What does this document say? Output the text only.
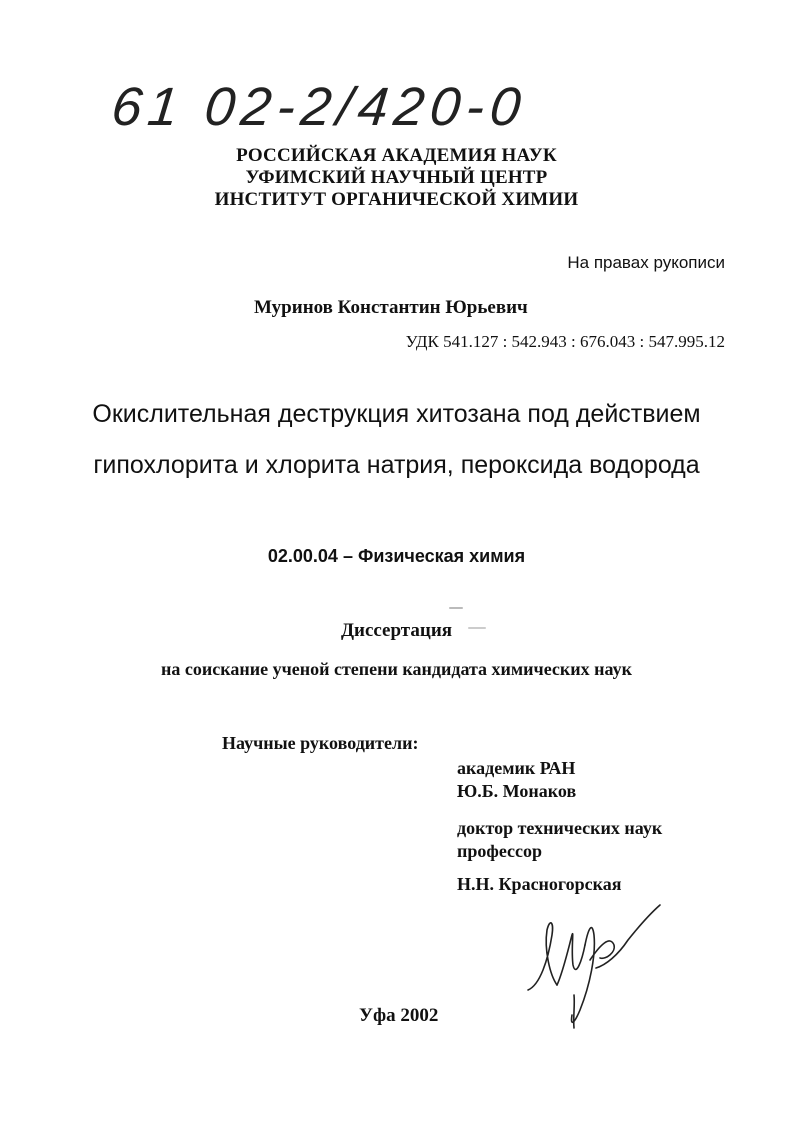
61 02-2/420-0
РОССИЙСКАЯ АКАДЕМИЯ НАУК
УФИМСКИЙ НАУЧНЫЙ ЦЕНТР
ИНСТИТУТ ОРГАНИЧЕСКОЙ ХИМИИ
На правах рукописи
Муринов Константин Юрьевич
УДК 541.127 : 542.943 : 676.043 : 547.995.12
Окислительная деструкция хитозана под действием
гипохлорита и хлорита натрия, пероксида водорода
02.00.04 – Физическая химия
Диссертация
на соискание ученой степени кандидата химических наук
Научные руководители:
академик РАН
Ю.Б. Монаков
доктор технических наук
профессор
Н.Н. Красногорская
Уфа 2002
